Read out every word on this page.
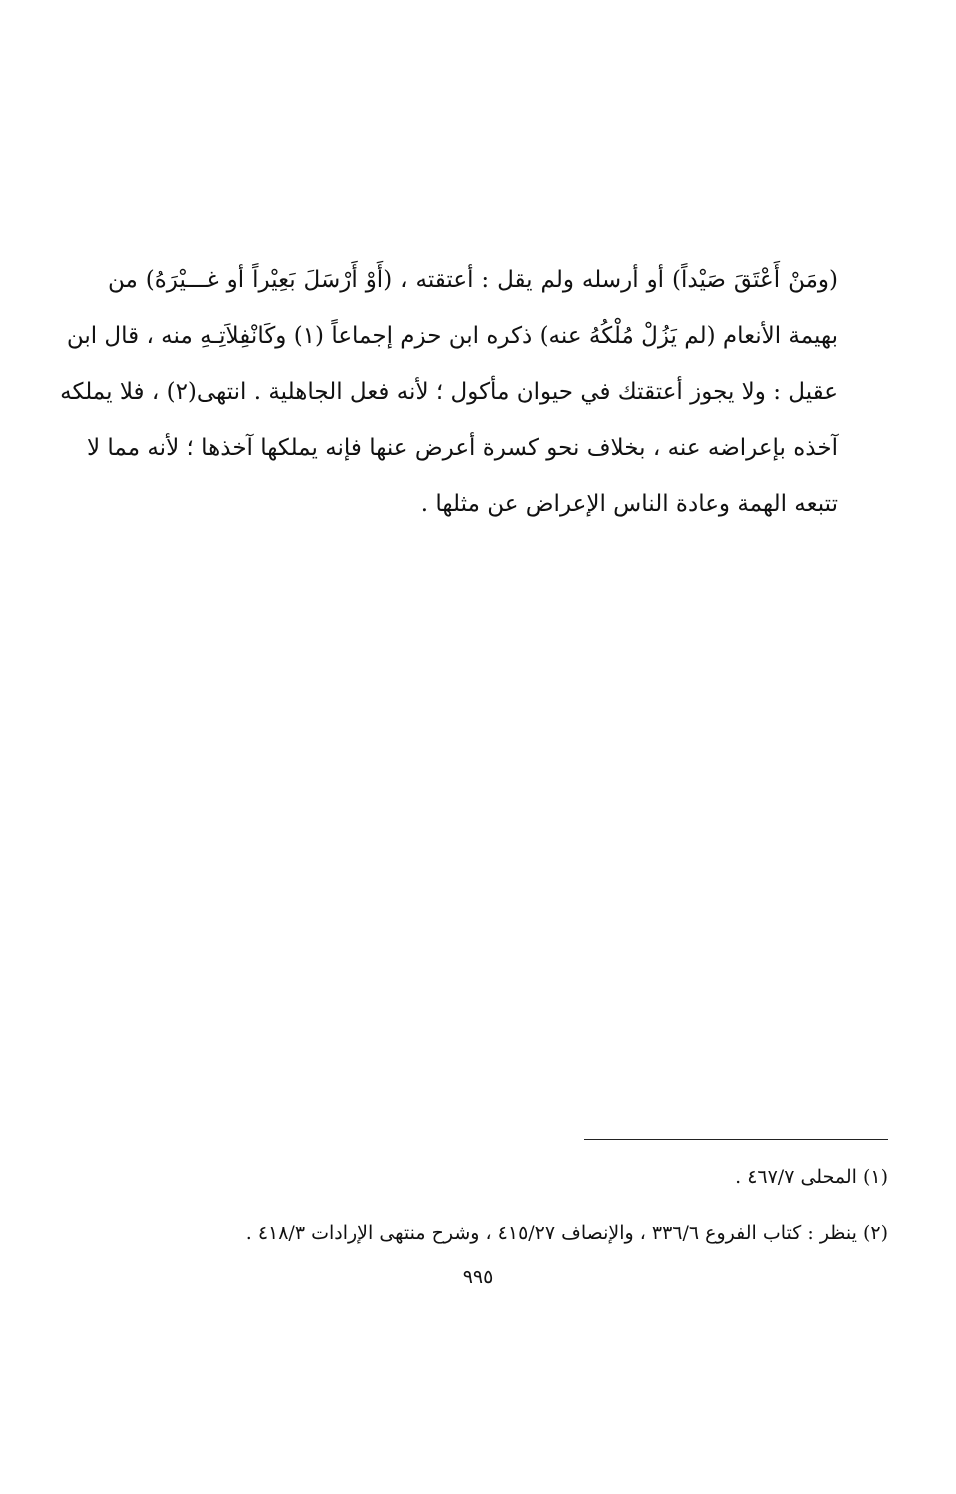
(ومَنْ أَعْتَقَ صَيْداً) أو أرسله ولم يقل : أعتقته ، (أَوْ أَرْسَلَ بَعِيْراً أو غـــيْرَهُ) من
بهيمة الأنعام (لم يَزُلْ مُلْكُهُ عنه) ذكره ابن حزم إجماعاً (١) وكَانْفِلاَتِـهِ منه ، قال ابن
عقيل : ولا يجوز أعتقتك في حيوان مأكول ؛ لأنه فعل الجاهلية . انتهى(٢) ، فلا يملكه
آخذه بإعراضه عنه ، بخلاف نحو كسرة أعرض عنها فإنه يملكها آخذها ؛ لأنه مما لا
تتبعه الهمة وعادة الناس الإعراض عن مثلها .
(١) المحلى ٤٦٧/٧ .
(٢) ينظر : كتاب الفروع ٣٣٦/٦ ، والإنصاف ٤١٥/٢٧ ، وشرح منتهى الإرادات ٤١٨/٣ .
٩٩٥
